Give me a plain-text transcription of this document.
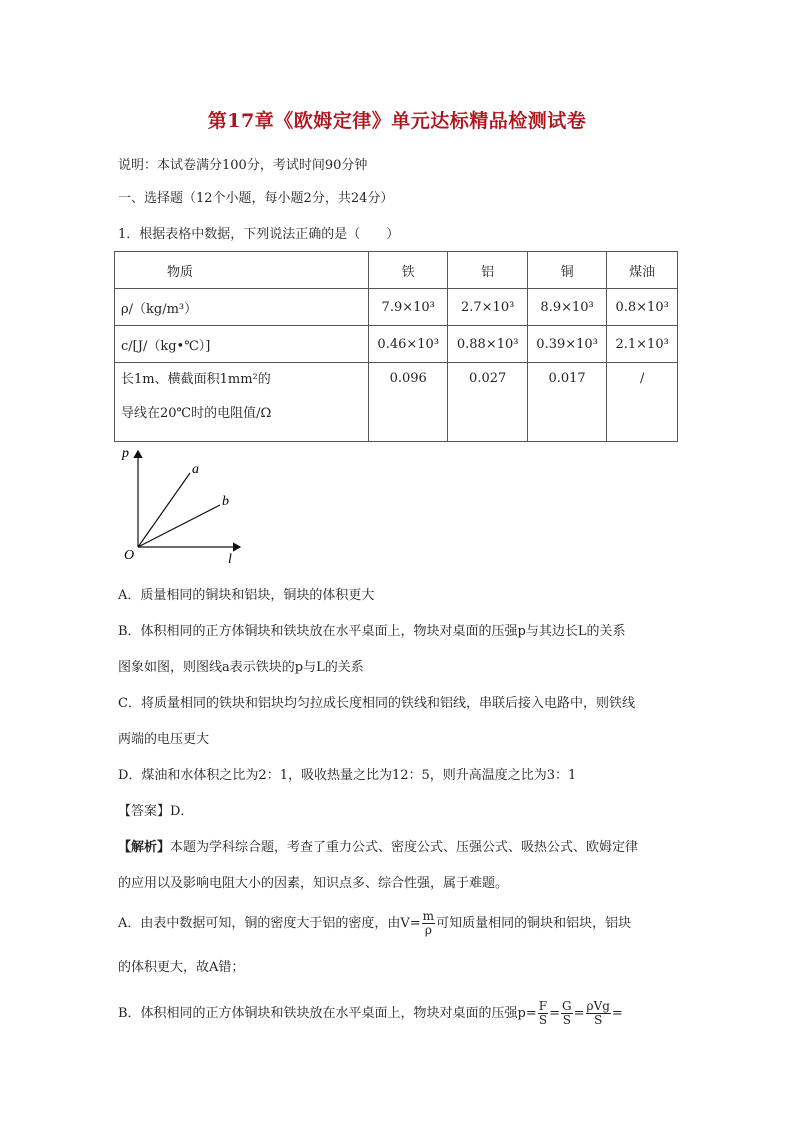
第17章《欧姆定律》单元达标精品检测试卷
说明：本试卷满分100分，考试时间90分钟
一、选择题（12个小题，每小题2分，共24分）
1．根据表格中数据，下列说法正确的是（　　）
物质	铁	铝	铜	煤油
ρ/（kg/m³）	7.9×10³	2.7×10³	8.9×10³	0.8×10³
c/[J/（kg•℃）]	0.46×10³	0.88×10³	0.39×10³	2.1×10³

长1m、横截面积1mm²的
导线在20℃时的电阻值/Ω	0.096	0.027	0.017	/
p
l
O
a
b
A．质量相同的铜块和铝块，铜块的体积更大
B．体积相同的正方体铜块和铁块放在水平桌面上，物块对桌面的压强p与其边长L的关系
图象如图，则图线a表示铁块的p与L的关系
C．将质量相同的铁块和铝块均匀拉成长度相同的铁线和铝线，串联后接入电路中，则铁线
两端的电压更大
D．煤油和水体积之比为2：1，吸收热量之比为12：5，则升高温度之比为3：1
【答案】D．
【解析】本题为学科综合题，考查了重力公式、密度公式、压强公式、吸热公式、欧姆定律
的应用以及影响电阻大小的因素，知识点多、综合性强，属于难题。
A．由表中数据可知，铜的密度大于铝的密度，由$V= \frac{m}{\rho}$ 可知质量相同的铜块和铝块，铝块
的体积更大，故A错；
B．体积相同的正方体铜块和铁块放在水平桌面上，物块对桌面的压强$p= \frac{F}{S} = \frac{G}{S} = \frac{\text{ρVg}}{S}$ =
